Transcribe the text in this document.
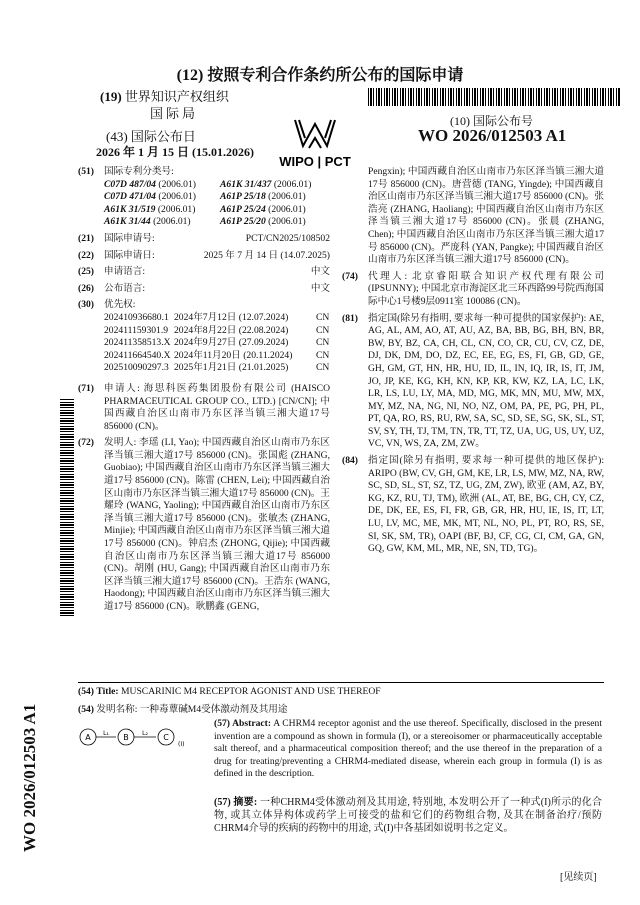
(12) 按照专利合作条约所公布的国际申请
(19) 世界知识产权组织
国际局
(43) 国际公布日
2026 年 1 月 15 日 (15.01.2026)
WIPO | PCT
(10) 国际公布号
WO 2026/012503 A1
(51) 国际专利分类号:
C07D 487/04 (2006.01)	A61K 31/437 (2006.01)
C07D 471/04 (2006.01)	A61P 25/18 (2006.01)
A61K 31/519 (2006.01)	A61P 25/24 (2006.01)
A61K 31/44 (2006.01)	A61P 25/20 (2006.01)
(21) 国际申请号:	PCT/CN2025/108502
(22) 国际申请日:	2025 年 7 月 14 日 (14.07.2025)
(25) 申请语言:	中文
(26) 公布语言:	中文
(30) 优先权:
202410936680.1 2024年7月12日 (12.07.2024)	CN
202411159301.9 2024年8月22日 (22.08.2024)	CN
202411358513.X 2024年9月27日 (27.09.2024)	CN
202411664540.X 2024年11月20日 (20.11.2024)	CN
202510090297.3 2025年1月21日 (21.01.2025)	CN
(71) 申请人: 海思科医药集团股份有限公司 (HAISCO PHARMACEUTICAL GROUP CO., LTD.) [CN/CN]; 中国西藏自治区山南市乃东区泽当镇三湘大道17号 856000 (CN)。
(72) 发明人: 李瑶 (LI, Yao); 中国西藏自治区山南市乃东区泽当镇三湘大道17号 856000 (CN)。张国彪 (ZHANG, Guobiao); 中国西藏自治区山南市乃东区泽当镇三湘大道17号 856000 (CN)。陈雷 (CHEN, Lei); 中国西藏自治区山南市乃东区泽当镇三湘大道17号 856000 (CN)。王耀玲 (WANG, Yaoling); 中国西藏自治区山南市乃东区泽当镇三湘大道17号 856000 (CN)。张敏杰 (ZHANG, Minjie); 中国西藏自治区山南市乃东区泽当镇三湘大道17号 856000 (CN)。钟启杰 (ZHONG, Qijie); 中国西藏自治区山南市乃东区泽当镇三湘大道17号 856000 (CN)。胡刚 (HU, Gang); 中国西藏自治区山南市乃东区泽当镇三湘大道17号 856000 (CN)。王浩东 (WANG, Haodong); 中国西藏自治区山南市乃东区泽当镇三湘大道17号 856000 (CN)。耿鹏鑫 (GENG,
Pengxin); 中国西藏自治区山南市乃东区泽当镇三湘大道17号 856000 (CN)。唐营德 (TANG, Yingde); 中国西藏自治区山南市乃东区泽当镇三湘大道17号 856000 (CN)。张浩亮 (ZHANG, Haoliang); 中国西藏自治区山南市乃东区泽当镇三湘大道17号 856000 (CN)。张晨 (ZHANG, Chen); 中国西藏自治区山南市乃东区泽当镇三湘大道17号 856000 (CN)。严庞科 (YAN, Pangke); 中国西藏自治区山南市乃东区泽当镇三湘大道17号 856000 (CN)。
(74) 代理人: 北京睿阳联合知识产权代理有限公司 (IPSUNNY); 中国北京市海淀区北三环西路99号院西海国际中心1号楼9层0911室 100086 (CN)。
(81) 指定国(除另有指明, 要求每一种可提供的国家保护): AE, AG, AL, AM, AO, AT, AU, AZ, BA, BB, BG, BH, BN, BR, BW, BY, BZ, CA, CH, CL, CN, CO, CR, CU, CV, CZ, DE, DJ, DK, DM, DO, DZ, EC, EE, EG, ES, FI, GB, GD, GE, GH, GM, GT, HN, HR, HU, ID, IL, IN, IQ, IR, IS, IT, JM, JO, JP, KE, KG, KH, KN, KP, KR, KW, KZ, LA, LC, LK, LR, LS, LU, LY, MA, MD, MG, MK, MN, MU, MW, MX, MY, MZ, NA, NG, NI, NO, NZ, OM, PA, PE, PG, PH, PL, PT, QA, RO, RS, RU, RW, SA, SC, SD, SE, SG, SK, SL, ST, SV, SY, TH, TJ, TM, TN, TR, TT, TZ, UA, UG, US, UY, UZ, VC, VN, WS, ZA, ZM, ZW。
(84) 指定国(除另有指明, 要求每一种可提供的地区保护): ARIPO (BW, CV, GH, GM, KE, LR, LS, MW, MZ, NA, RW, SC, SD, SL, ST, SZ, TZ, UG, ZM, ZW), 欧亚 (AM, AZ, BY, KG, KZ, RU, TJ, TM), 欧洲 (AL, AT, BE, BG, CH, CY, CZ, DE, DK, EE, ES, FI, FR, GB, GR, HR, HU, IE, IS, IT, LT, LU, LV, MC, ME, MK, MT, NL, NO, PL, PT, RO, RS, SE, SI, SK, SM, TR), OAPI (BF, BJ, CF, CG, CI, CM, GA, GN, GQ, GW, KM, ML, MR, NE, SN, TD, TG)。
WO 2026/012503 A1
(54) Title: MUSCARINIC M4 RECEPTOR AGONIST AND USE THEREOF
(54) 发明名称: 一种毒蕈碱M4受体激动剂及其用途
A L₁ B L₂ C
(I)
(57) Abstract: A CHRM4 receptor agonist and the use thereof. Specifically, disclosed in the present invention are a compound as shown in formula (I), or a stereoisomer or pharmaceutically acceptable salt thereof, and a pharmaceutical composition thereof; and the use thereof in the preparation of a drug for treating/preventing a CHRM4-mediated disease, wherein each group in formula (I) is as defined in the description.
(57) 摘要: 一种CHRM4受体激动剂及其用途, 特别地, 本发明公开了一种式(I)所示的化合物, 或其立体异构体或药学上可接受的盐和它们的药物组合物, 及其在制备治疗/预防CHRM4介导的疾病的药物中的用途, 式(I)中各基团如说明书之定义。
[见续页]
